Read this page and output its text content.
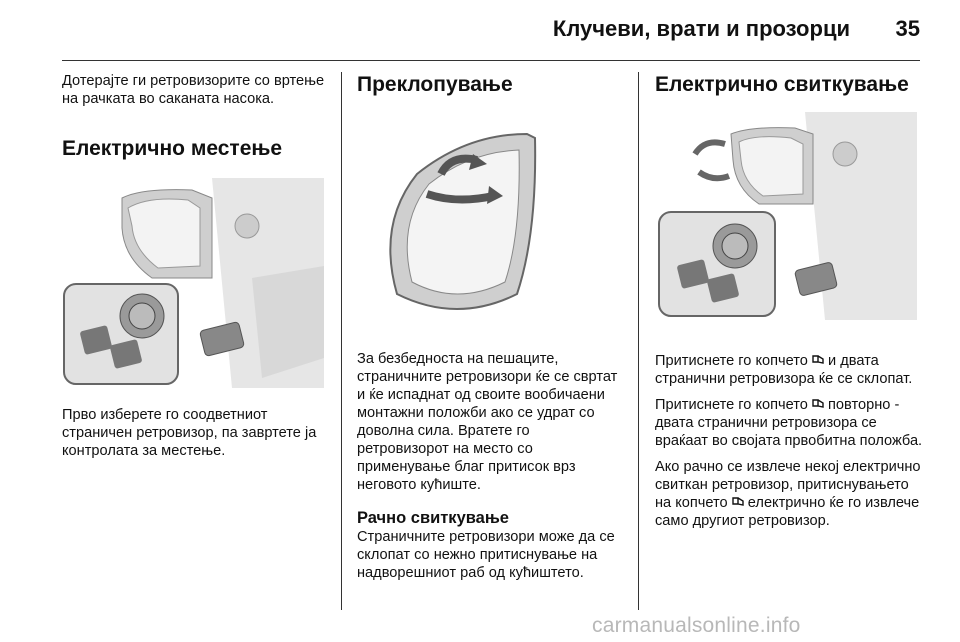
Клучеви, врати и прозорци 35

Дотерајте ги ретровизорите со вртење на рачката во саканата насока.

Електрично местење

Прво изберете го соодветниот страничен ретровизор, па завртете ја контролата за местење.

Преклопување

За безбедноста на пешаците, страничните ретровизори ќе се свртат и ќе испаднат од своите вообичаени монтажни положби ако се удрат со доволна сила. Вратете го ретровизорот на место со применување благ притисок врз неговото кућиште.

Рачно свиткување

Страничните ретровизори може да се склопат со нежно притиснување на надворешниот раб од кућиштето.

Електрично свиткување

Притиснете го копчето и двата странични ретровизора ќе се склопат.

Притиснете го копчето повторно - двата странични ретровизора се враќаат во својата првобитна положба.

Ако рачно се извлече некој електрично свиткан ретровизор, притиснувањето на копчето електрично ќе го извлече само другиот ретровизор.

carmanualsonline.info
